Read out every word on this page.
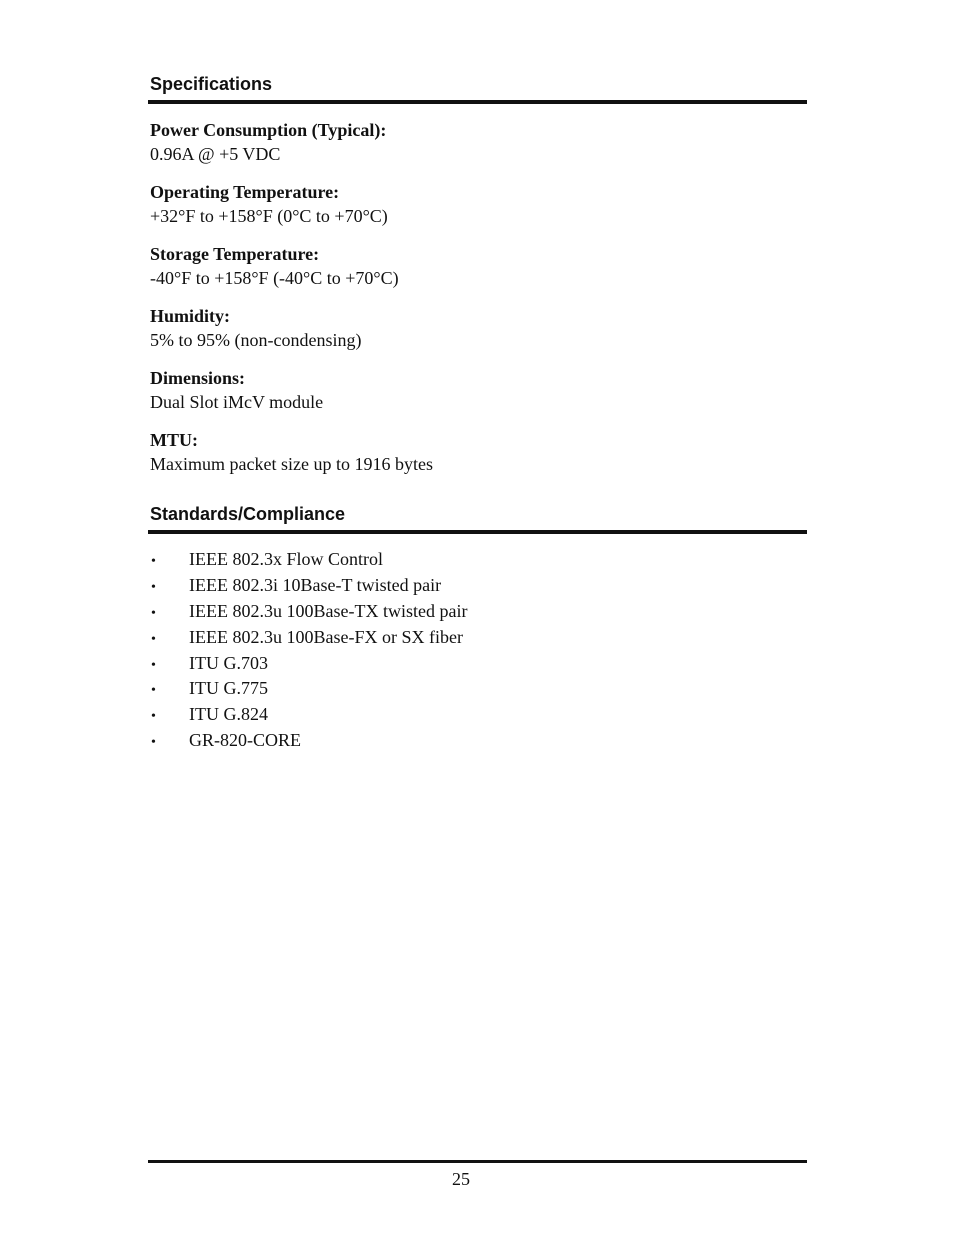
Specifications
Power Consumption (Typical):
0.96A @ +5 VDC
Operating Temperature:
+32°F to +158°F (0°C to +70°C)
Storage Temperature:
-40°F to +158°F (-40°C to +70°C)
Humidity:
5% to 95% (non-condensing)
Dimensions:
Dual Slot iMcV module
MTU:
Maximum packet size up to 1916 bytes
Standards/Compliance
• IEEE 802.3x Flow Control
• IEEE 802.3i 10Base-T twisted pair
• IEEE 802.3u 100Base-TX twisted pair
• IEEE 802.3u 100Base-FX or SX fiber
• ITU G.703
• ITU G.775
• ITU G.824
• GR-820-CORE
25
